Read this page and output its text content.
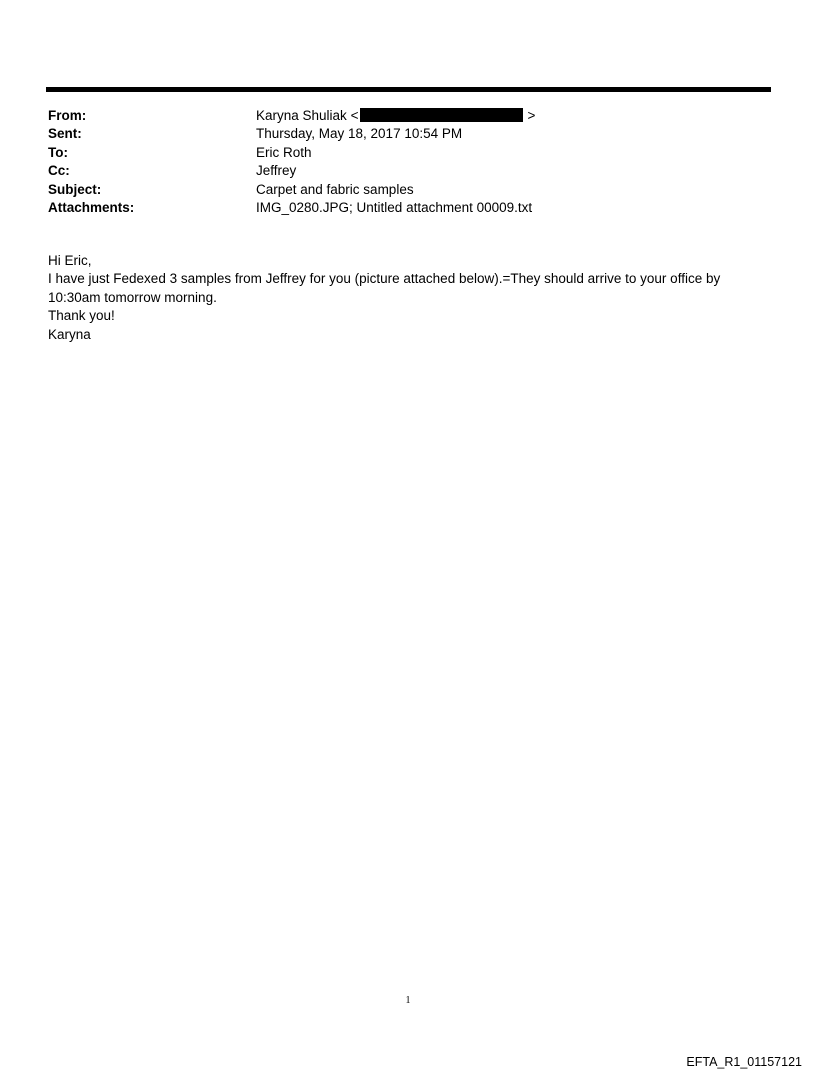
From:	Karyna Shuliak <	>
Sent:	Thursday, May 18, 2017 10:54 PM
To:	Eric Roth
Cc:	Jeffrey
Subject:	Carpet and fabric samples
Attachments:	IMG_0280.JPG; Untitled attachment 00009.txt
Hi Eric,
I have just Fedexed 3 samples from Jeffrey for you (picture attached below).=They should arrive to your office by
10:30am tomorrow morning.
Thank you!
Karyna
1
EFTA_R1_01157121
